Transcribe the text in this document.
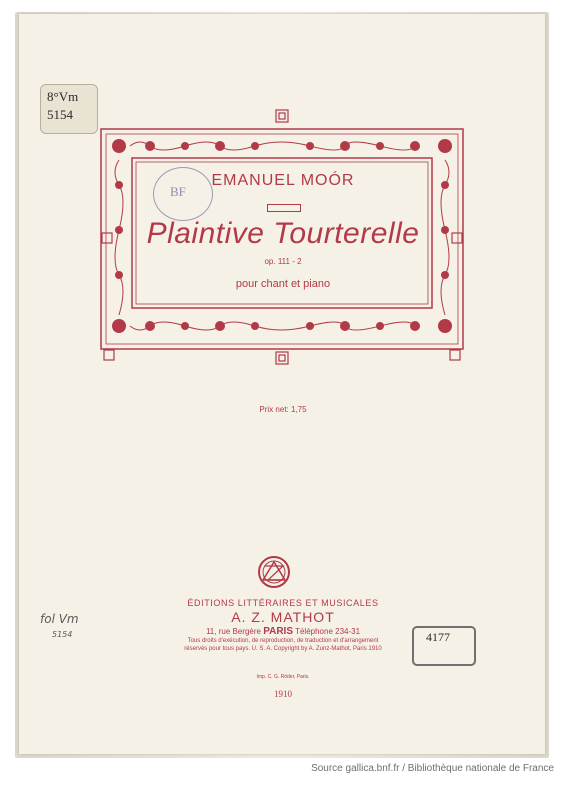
8°Vm
5154
BF
EMANUEL MOÓR
Plaintive Tourterelle
op. 111 - 2
pour chant et piano
Prix net: 1,75
ÉDITIONS LITTÉRAIRES ET MUSICALES
A. Z. MATHOT
11, rue Bergère PARIS Téléphone 234-31
Tous droits d'exécution, de reproduction, de traduction et d'arrangement
réservés pour tous pays. U. S. A. Copyright by A. Zunz-Mathot, Paris 1910
Imp. C. G. Röder, Paris.
1910
fol Vm
5154	4177
Source gallica.bnf.fr / Bibliothèque nationale de France
